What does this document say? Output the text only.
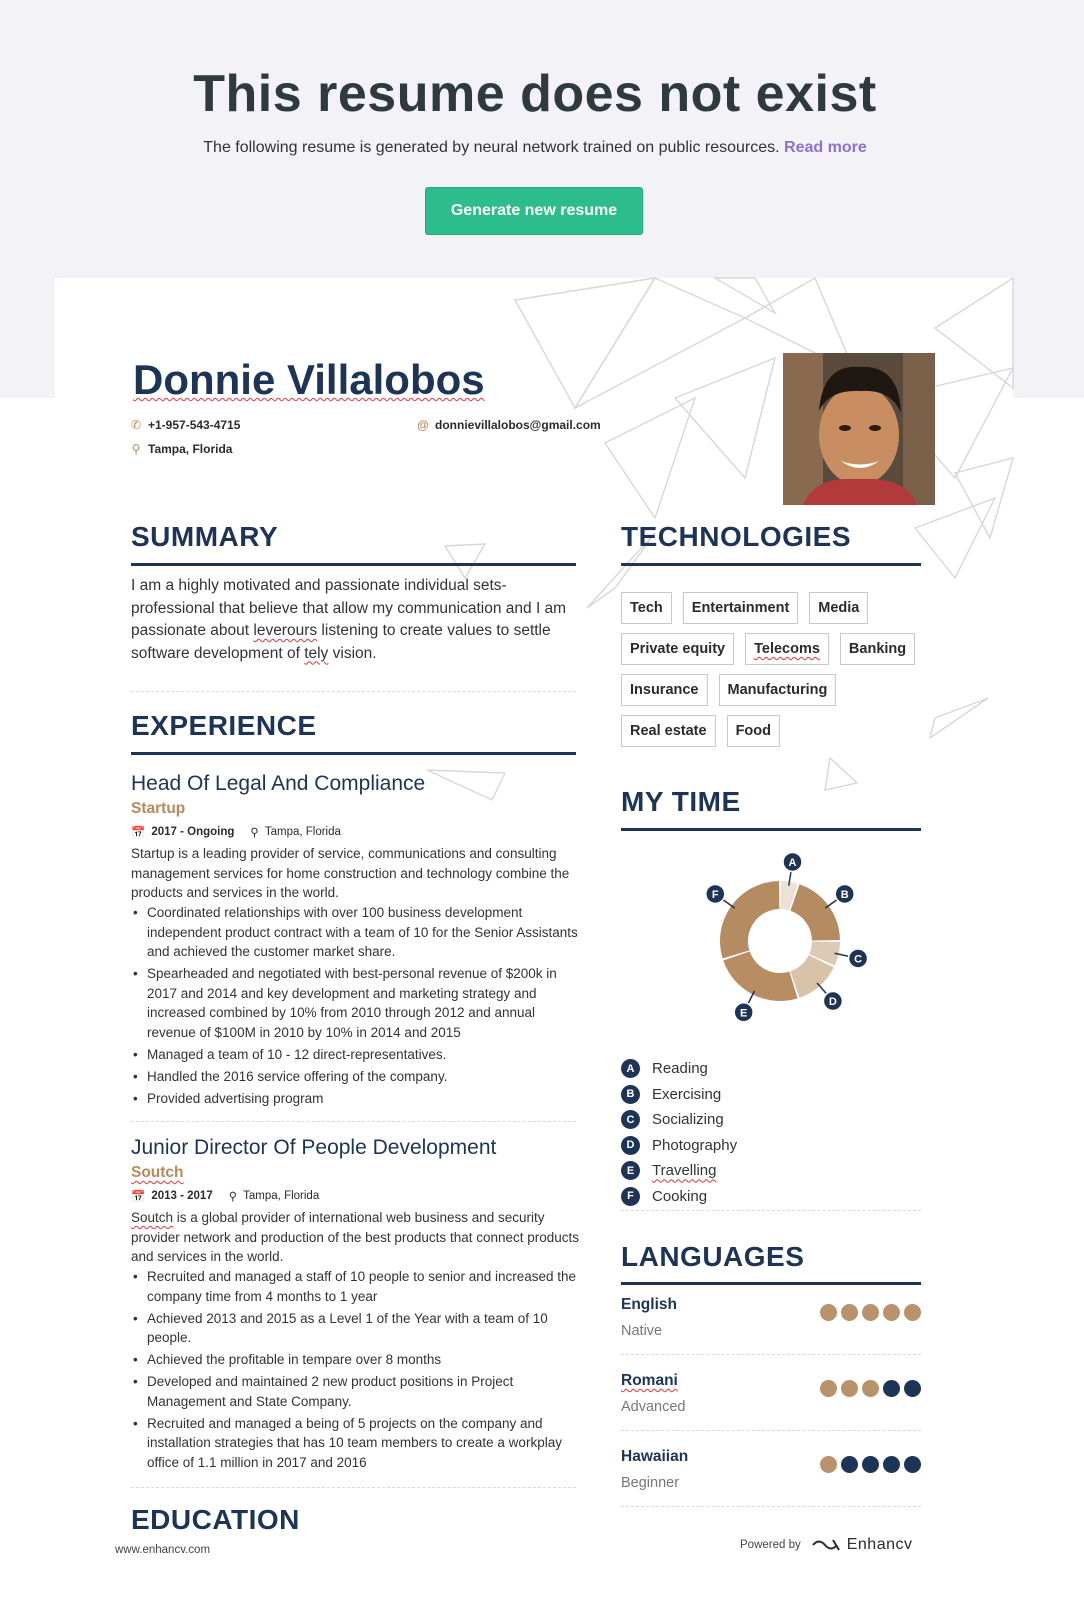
This resume does not exist

The following resume is generated by neural network trained on public resources. Read more

Generate new resume
Donnie Villalobos
✆ +1-957-543-4715	@ donnievillalobos@gmail.com
⚲ Tampa, Florida
SUMMARY

I am a highly motivated and passionate individual sets-professional that believe that allow my communication and I am passionate about leverours listening to create values to settle software development of tely vision.

EXPERIENCE
Head Of Legal And Compliance
Startup
📅 2017 - Ongoing ⚲ Tampa, Florida

Startup is a leading provider of service, communications and consulting management services for home construction and technology combine the products and services in the world.

• Coordinated relationships with over 100 business development independent product contract with a team of 10 for the Senior Assistants and achieved the customer market share.
• Spearheaded and negotiated with best-personal revenue of $200k in 2017 and 2014 and key development and marketing strategy and increased combined by 10% from 2010 through 2012 and annual revenue of $100M in 2010 by 10% in 2014 and 2015
• Managed a team of 10 - 12 direct-representatives.
• Handled the 2016 service offering of the company.
• Provided advertising program
Junior Director Of People Development
Soutch
📅 2013 - 2017 ⚲ Tampa, Florida

Soutch is a global provider of international web business and security provider network and production of the best products that connect products and services in the world.

• Recruited and managed a staff of 10 people to senior and increased the company time from 4 months to 1 year
• Achieved 2013 and 2015 as a Level 1 of the Year with a team of 10 people.
• Achieved the profitable in tempare over 8 months
• Developed and maintained 2 new product positions in Project Management and State Company.
• Recruited and managed a being of 5 projects on the company and installation strategies that has 10 team members to create a workplay office of 1.1 million in 2017 and 2016
EDUCATION
TECHNOLOGIES
Tech	Entertainment	Media
Private equity	Telecoms	Banking
Insurance	Manufacturing
Real estate	Food
MY TIME
A
B
C
D
E
F
A	Reading
B	Exercising
C	Socializing
D	Photography
E	Travelling
F	Cooking
LANGUAGES
English
Native
Romani
Advanced
Hawaiian
Beginner
www.enhancv.com	Powered by	Enhancv
